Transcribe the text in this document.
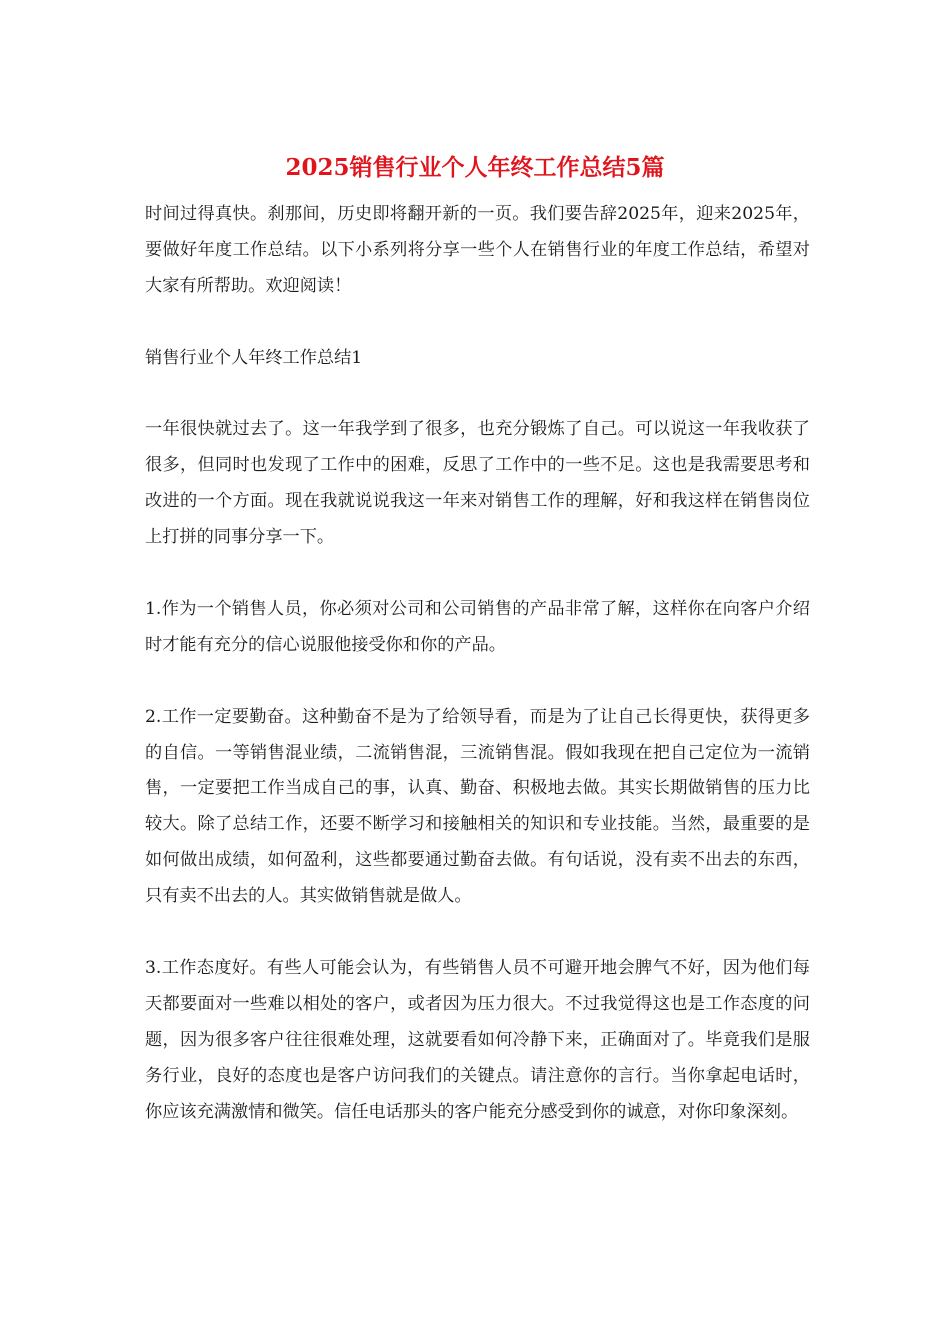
2025销售行业个人年终工作总结5篇

时间过得真快。刹那间，历史即将翻开新的一页。我们要告辞2025年，迎来2025年，要做好年度工作总结。以下小系列将分享一些个人在销售行业的年度工作总结，希望对大家有所帮助。欢迎阅读！

销售行业个人年终工作总结1

一年很快就过去了。这一年我学到了很多，也充分锻炼了自己。可以说这一年我收获了很多，但同时也发现了工作中的困难，反思了工作中的一些不足。这也是我需要思考和改进的一个方面。现在我就说说我这一年来对销售工作的理解，好和我这样在销售岗位上打拼的同事分享一下。

1.作为一个销售人员，你必须对公司和公司销售的产品非常了解，这样你在向客户介绍时才能有充分的信心说服他接受你和你的产品。

2.工作一定要勤奋。这种勤奋不是为了给领导看，而是为了让自己长得更快，获得更多的自信。一等销售混业绩，二流销售混，三流销售混。假如我现在把自己定位为一流销售，一定要把工作当成自己的事，认真、勤奋、积极地去做。其实长期做销售的压力比较大。除了总结工作，还要不断学习和接触相关的知识和专业技能。当然，最重要的是如何做出成绩，如何盈利，这些都要通过勤奋去做。有句话说，没有卖不出去的东西，只有卖不出去的人。其实做销售就是做人。

3.工作态度好。有些人可能会认为，有些销售人员不可避开地会脾气不好，因为他们每天都要面对一些难以相处的客户，或者因为压力很大。不过我觉得这也是工作态度的问题，因为很多客户往往很难处理，这就要看如何冷静下来，正确面对了。毕竟我们是服务行业，良好的态度也是客户访问我们的关键点。请注意你的言行。当你拿起电话时，你应该充满激情和微笑。信任电话那头的客户能充分感受到你的诚意，对你印象深刻。
